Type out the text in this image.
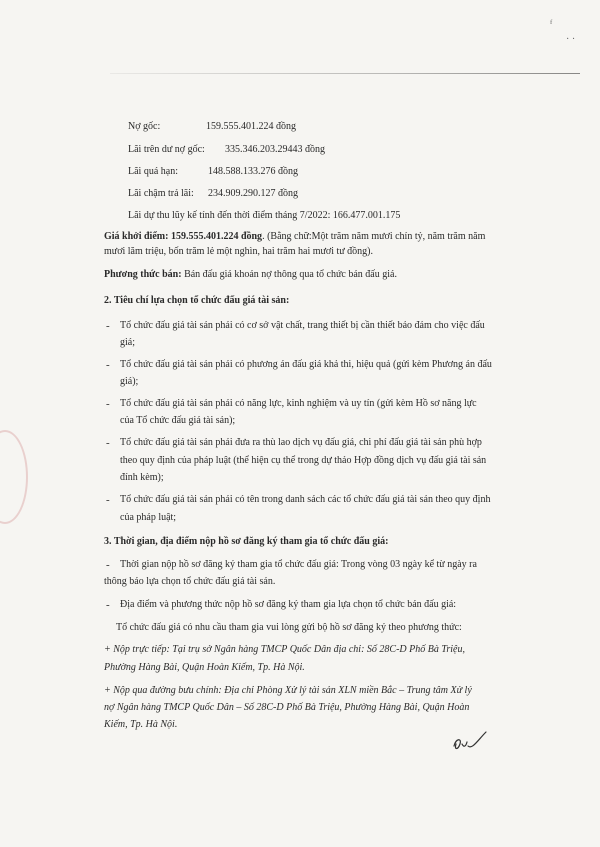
ᶠ
· ·
Nợ gốc:	159.555.401.224 đồng
Lãi trên dư nợ gốc: 335.346.203.29443 đồng
Lãi quá hạn:	148.588.133.276 đồng
Lãi chậm trả lãi: 234.909.290.127 đồng
Lãi dự thu lũy kế tính đến thời điểm tháng 7/2022: 166.477.001.175
Giá khởi điểm: 159.555.401.224 đồng. (Bằng chữ:Một trăm năm mươi chín tỷ, năm trăm năm
mươi lăm triệu, bốn trăm lẻ một nghìn, hai trăm hai mươi tư đồng).
Phương thức bán: Bán đấu giá khoản nợ thông qua tổ chức bán đấu giá.
2. Tiêu chí lựa chọn tổ chức đấu giá tài sản:
- Tổ chức đấu giá tài sản phải có cơ sở vật chất, trang thiết bị cần thiết bảo đảm cho việc đấu
giá;
- Tổ chức đấu giá tài sản phải có phương án đấu giá khả thi, hiệu quả (gửi kèm Phương án đấu
giá);
- Tổ chức đấu giá tài sản phải có năng lực, kinh nghiệm và uy tín (gửi kèm Hồ sơ năng lực
của Tổ chức đấu giá tài sản);
- Tổ chức đấu giá tài sản phải đưa ra thù lao dịch vụ đấu giá, chi phí đấu giá tài sản phù hợp
theo quy định của pháp luật (thể hiện cụ thể trong dự thảo Hợp đồng dịch vụ đấu giá tài sản
đính kèm);
- Tổ chức đấu giá tài sản phải có tên trong danh sách các tổ chức đấu giá tài sản theo quy định
của pháp luật;
3. Thời gian, địa điểm nộp hồ sơ đăng ký tham gia tổ chức đấu giá:
- Thời gian nộp hồ sơ đăng ký tham gia tổ chức đấu giá: Trong vòng 03 ngày kể từ ngày ra
thông báo lựa chọn tổ chức đấu giá tài sản.
- Địa điểm và phương thức nộp hồ sơ đăng ký tham gia lựa chọn tổ chức bán đấu giá:
Tổ chức đấu giá có nhu cầu tham gia vui lòng gửi bộ hồ sơ đăng ký theo phương thức:
+ Nộp trực tiếp: Tại trụ sở Ngân hàng TMCP Quốc Dân địa chỉ: Số 28C-D Phố Bà Triệu,
Phường Hàng Bài, Quận Hoàn Kiếm, Tp. Hà Nội.
+ Nộp qua đường bưu chính: Địa chỉ Phòng Xử lý tài sản XLN miền Bắc – Trung tâm Xử lý
nợ Ngân hàng TMCP Quốc Dân – Số 28C-D Phố Bà Triệu, Phường Hàng Bài, Quận Hoàn
Kiếm, Tp. Hà Nội.
